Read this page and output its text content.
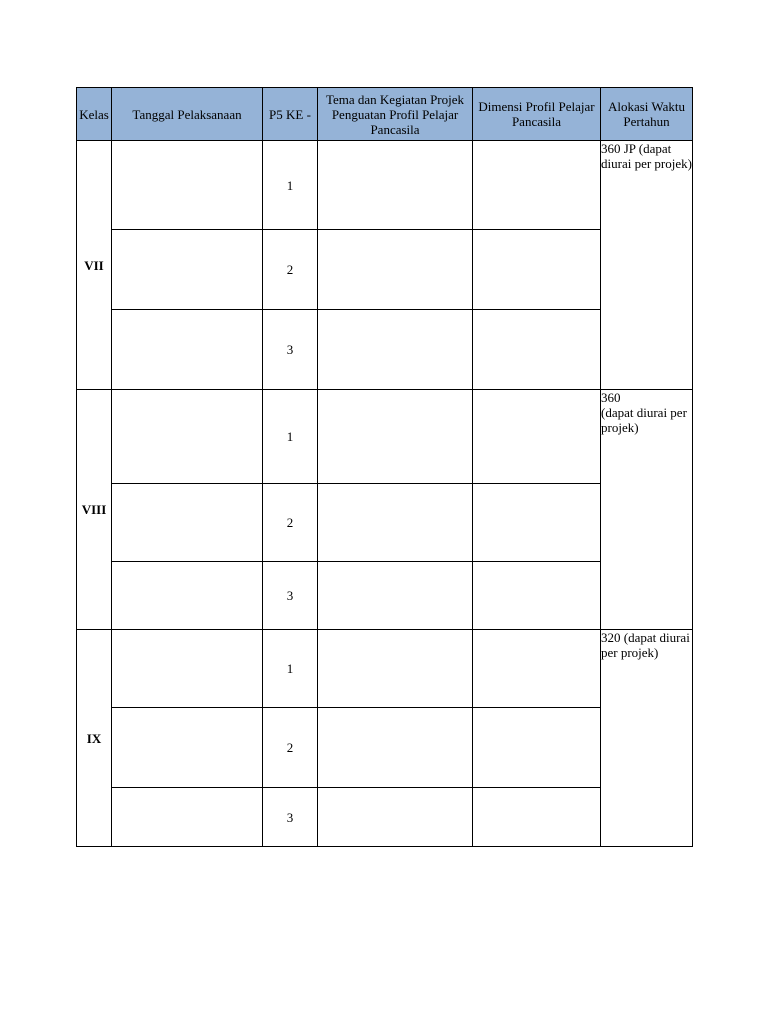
Kelas	Tanggal Pelaksanaan	P5 KE -	Tema dan Kegiatan Projek Penguatan Profil Pelajar Pancasila	Dimensi Profil Pelajar Pancasila	Alokasi Waktu Pertahun
VII		1			360 JP (dapat diurai per projek)

		2			
		3			
VIII		1			360
(dapat diurai per projek)

		2			
		3			
IX		1			320 (dapat diurai per projek)

		2			
		3			
